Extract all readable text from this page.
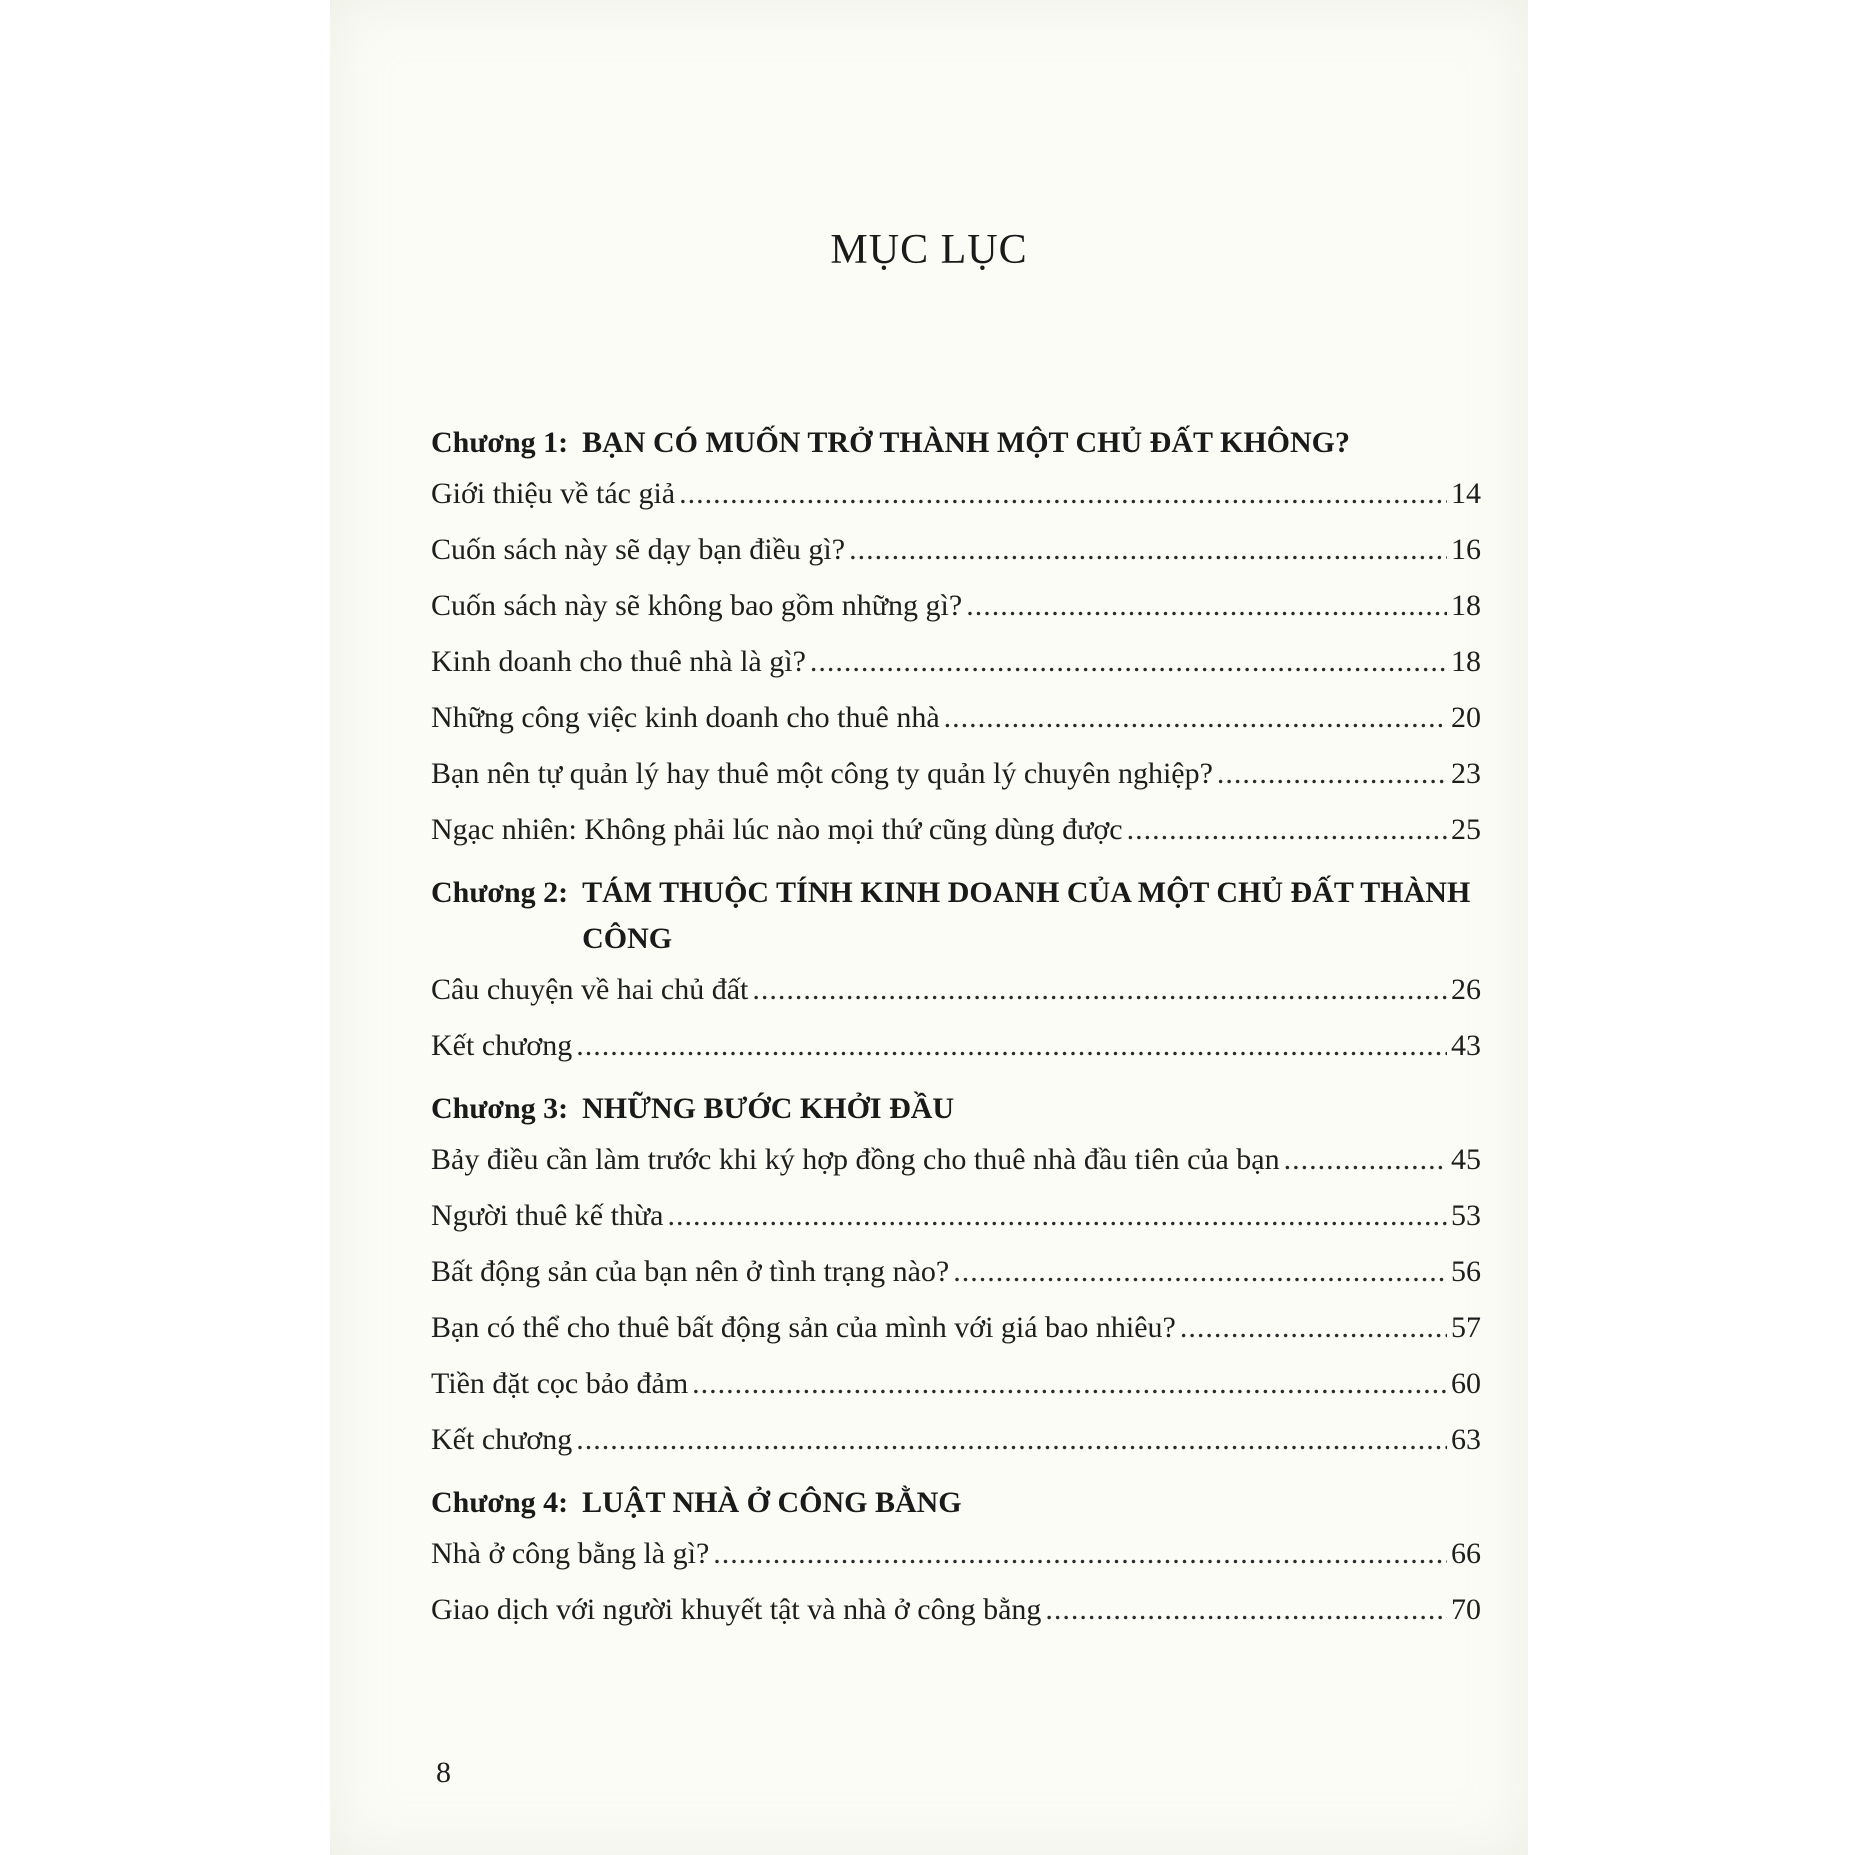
MỤC LỤC
Chương 1: BẠN CÓ MUỐN TRỞ THÀNH MỘT CHỦ ĐẤT KHÔNG?
Giới thiệu về tác giả .....	14
Cuốn sách này sẽ dạy bạn điều gì? .....	16
Cuốn sách này sẽ không bao gồm những gì? .....	18
Kinh doanh cho thuê nhà là gì? .....	18
Những công việc kinh doanh cho thuê nhà .....	20
Bạn nên tự quản lý hay thuê một công ty quản lý chuyên nghiệp? .....	23
Ngạc nhiên: Không phải lúc nào mọi thứ cũng dùng được .....	25
Chương 2: TÁM THUỘC TÍNH KINH DOANH CỦA MỘT CHỦ ĐẤT THÀNH CÔNG
Câu chuyện về hai chủ đất .....	26
Kết chương .....	43
Chương 3: NHỮNG BƯỚC KHỞI ĐẦU
Bảy điều cần làm trước khi ký hợp đồng cho thuê nhà đầu tiên của bạn .....	45
Người thuê kế thừa .....	53
Bất động sản của bạn nên ở tình trạng nào? .....	56
Bạn có thể cho thuê bất động sản của mình với giá bao nhiêu? .....	57
Tiền đặt cọc bảo đảm .....	60
Kết chương .....	63
Chương 4: LUẬT NHÀ Ở CÔNG BẰNG
Nhà ở công bằng là gì? .....	66
Giao dịch với người khuyết tật và nhà ở công bằng .....	70
8
